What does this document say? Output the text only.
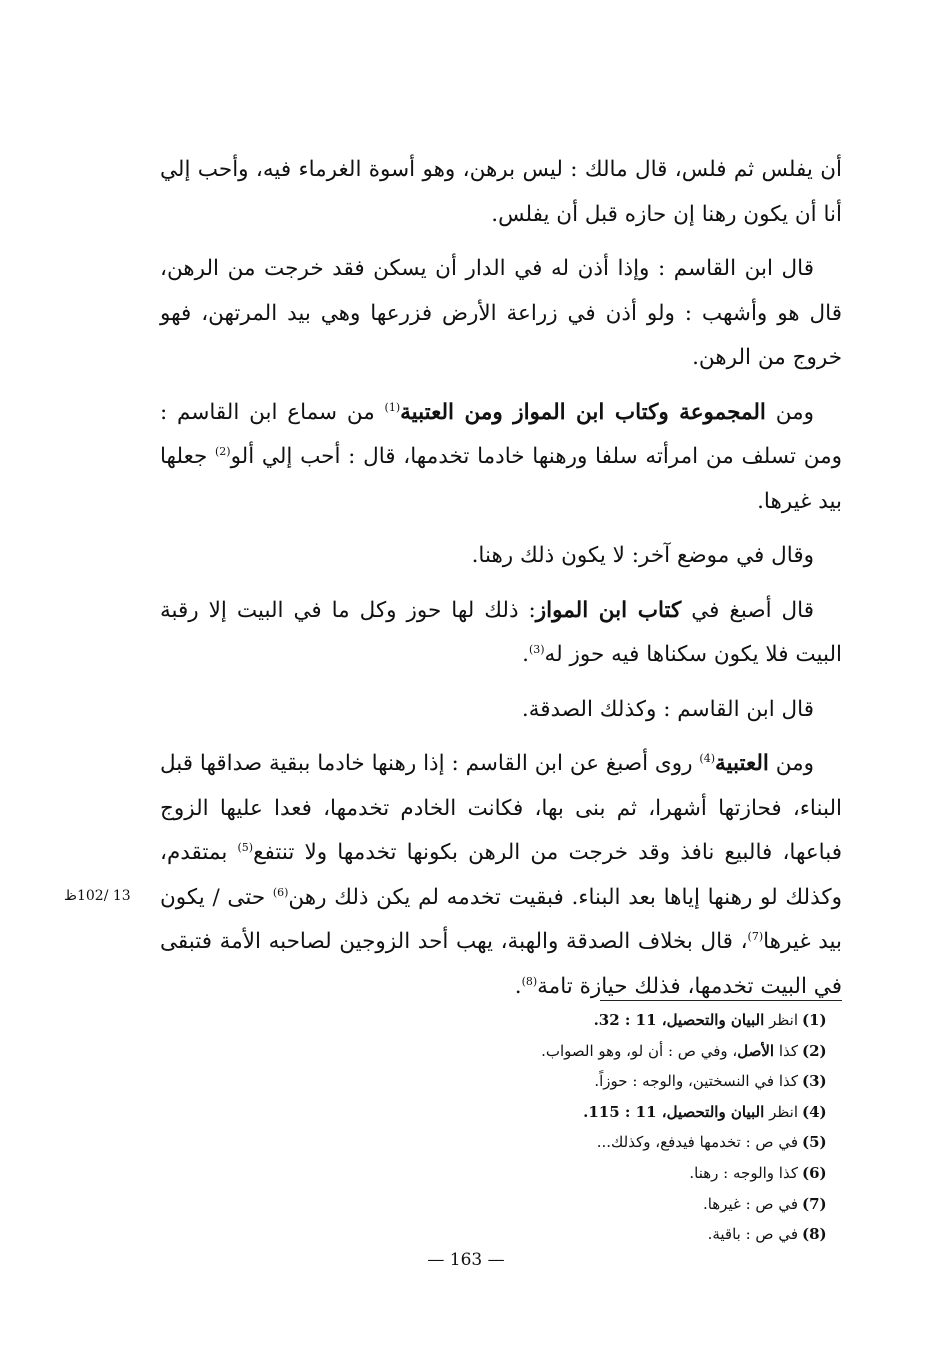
أن يفلس ثم فلس، قال مالك : ليس برهن، وهو أسوة الغرماء فيه، وأحب إلي أنا أن يكون رهنا إن حازه قبل أن يفلس.

قال ابن القاسم : وإذا أذن له في الدار أن يسكن فقد خرجت من الرهن، قال هو وأشهب : ولو أذن في زراعة الأرض فزرعها وهي بيد المرتهن، فهو خروج من الرهن.

ومن المجموعة وكتاب ابن المواز ومن العتبية$^{(1)}$ من سماع ابن القاسم : ومن تسلف من امرأته سلفا ورهنها خادما تخدمها، قال : أحب إلي ألو$^{(2)}$ جعلها بيد غيرها.

وقال في موضع آخر: لا يكون ذلك رهنا.

قال أصبغ في كتاب ابن المواز: ذلك لها حوز وكل ما في البيت إلا رقبة البيت فلا يكون سكناها فيه حوز له$^{(3)}$.

قال ابن القاسم : وكذلك الصدقة.

ومن العتبية$^{(4)}$ روى أصبغ عن ابن القاسم : إذا رهنها خادما ببقية صداقها قبل البناء، فحازتها أشهرا، ثم بنى بها، فكانت الخادم تخدمها، فعدا عليها الزوج فباعها، فالبيع نافذ وقد خرجت من الرهن بكونها تخدمها ولا تنتفع$^{(5)}$ بمتقدم، وكذلك لو رهنها إياها بعد البناء. فبقيت تخدمه لم يكن ذلك رهن$^{(6)}$ حتى / يكون بيد غيرها$^{(7)}$، قال بخلاف الصدقة والهبة، يهب أحد الزوجين لصاحبه الأمة فتبقى في البيت تخدمها، فذلك حيازة تامة$^{(8)}$.

13 /102ظ
(1)
انظر البيان والتحصيل، 11 : 32.
(2)
كذا الأصل، وفي ص : أن لو، وهو الصواب.
(3)
كذا في النسختين، والوجه : حوزاً.
(4)
انظر البيان والتحصيل، 11 : 115.
(5)
في ص : تخدمها فيدفع، وكذلك...
(6)
كذا والوجه : رهنا.
(7)
في ص : غيرها.
(8)
في ص : باقية.
— 163 —
